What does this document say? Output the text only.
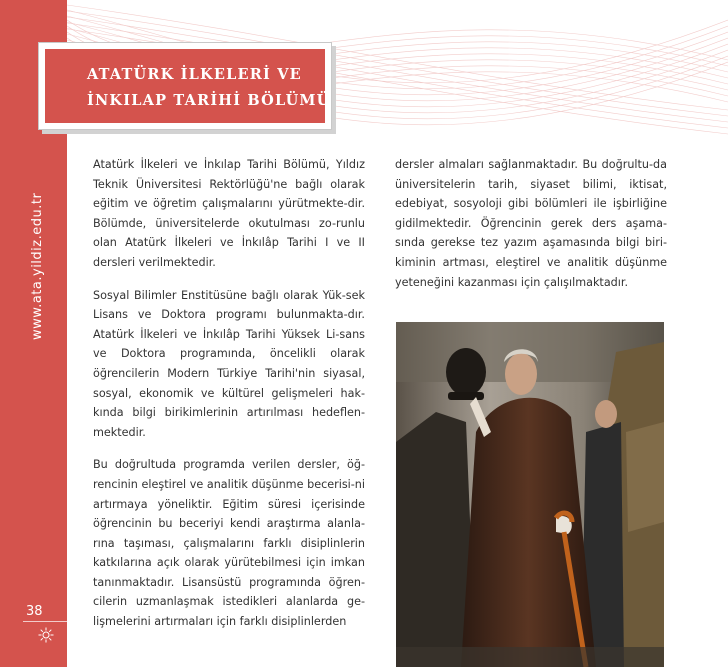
www.ata.yildiz.edu.tr
38
ATATÜRK İLKELERİ VE
İNKILAP TARİHİ BÖLÜMÜ

Atatürk İlkeleri ve İnkılap Tarihi Bölümü, Yıldız Teknik Üniversitesi Rektörlüğü'ne bağlı olarak eğitim ve öğretim çalışmalarını yürütmekte-dir. Bölümde, üniversitelerde okutulması zo-runlu olan Atatürk İlkeleri ve İnkılâp Tarihi I ve II dersleri verilmektedir.

Sosyal Bilimler Enstitüsüne bağlı olarak Yük-sek Lisans ve Doktora programı bulunmakta-dır. Atatürk İlkeleri ve İnkılâp Tarihi Yüksek Li-sans ve Doktora programında, öncelikli olarak öğrencilerin Modern Türkiye Tarihi'nin siyasal, sosyal, ekonomik ve kültürel gelişmeleri hak-kında bilgi birikimlerinin artırılması hedeflen-mektedir.

Bu doğrultuda programda verilen dersler, öğ-rencinin eleştirel ve analitik düşünme becerisi-ni artırmaya yöneliktir. Eğitim süresi içerisinde öğrencinin bu beceriyi kendi araştırma alanla-rına taşıması, çalışmalarını farklı disiplinlerin katkılarına açık olarak yürütebilmesi için imkan tanınmaktadır. Lisansüstü programında öğren-cilerin uzmanlaşmak istedikleri alanlarda ge-lişmelerini artırmaları için farklı disiplinlerden

dersler almaları sağlanmaktadır. Bu doğrultu-da üniversitelerin tarih, siyaset bilimi, iktisat, edebiyat, sosyoloji gibi bölümleri ile işbirliğine gidilmektedir. Öğrencinin gerek ders aşama-sında gerekse tez yazım aşamasında bilgi biri-kiminin artması, eleştirel ve analitik düşünme yeteneğini kazanması için çalışılmaktadır.
